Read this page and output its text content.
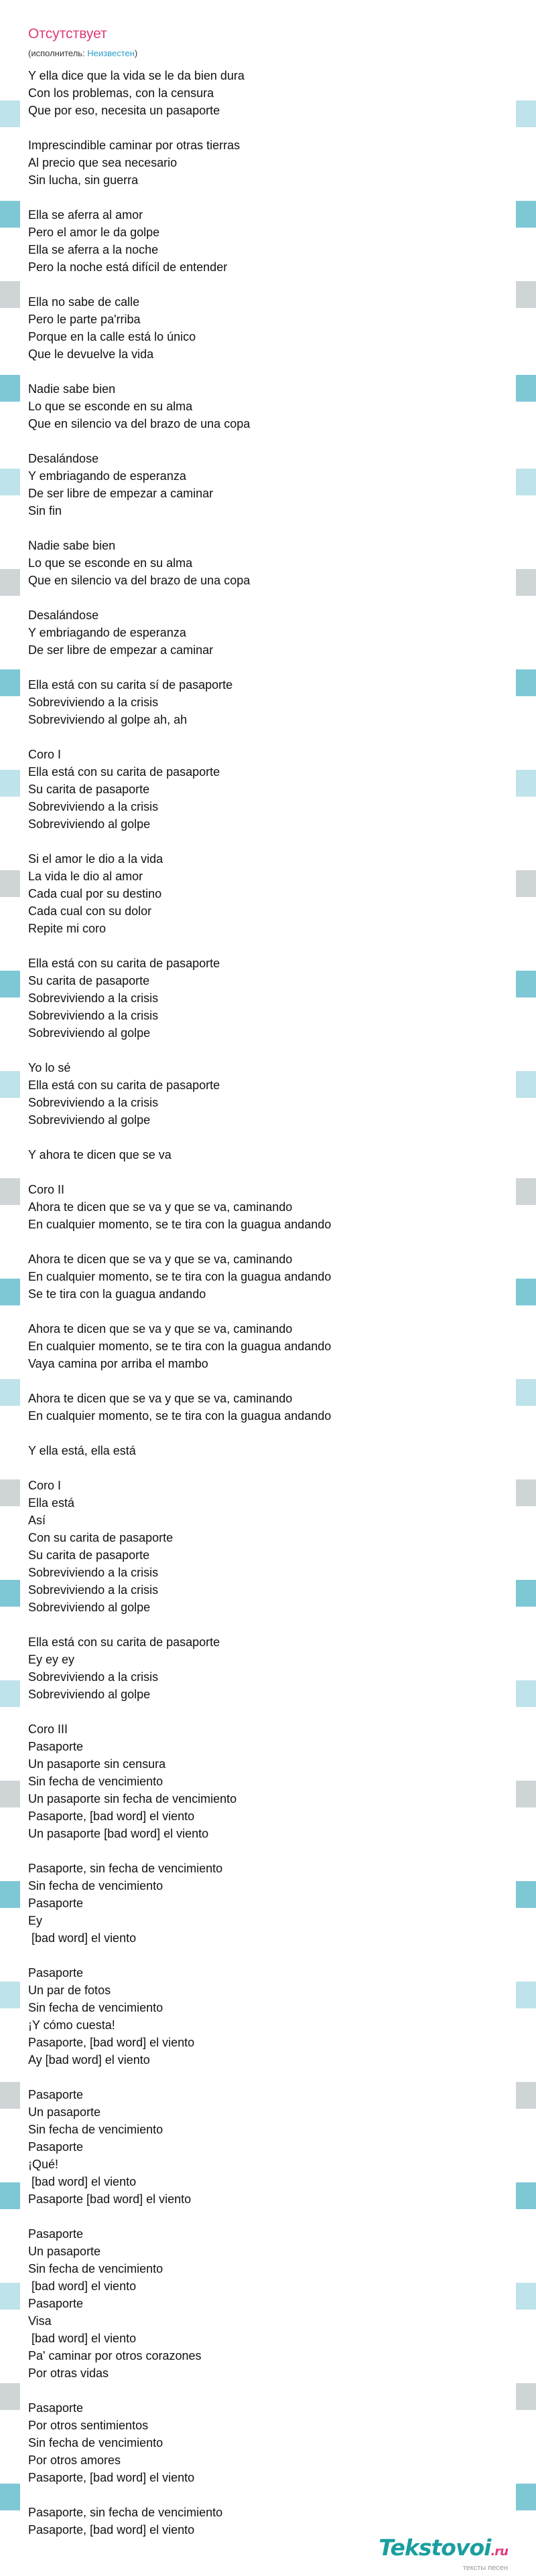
Отсутствует
(исполнитель: Неизвестен)
Y ella dice que la vida se le da bien dura
Con los problemas, con la censura
Que por eso, necesita un pasaporte
Imprescindible caminar por otras tierras
Al precio que sea necesario
Sin lucha, sin guerra
Ella se aferra al amor
Pero el amor le da golpe
Ella se aferra a la noche
Pero la noche está difícil de entender
Ella no sabe de calle
Pero le parte pa'rriba
Porque en la calle está lo único
Que le devuelve la vida
Nadie sabe bien
Lo que se esconde en su alma
Que en silencio va del brazo de una copa
Desalándose
Y embriagando de esperanza
De ser libre de empezar a caminar
Sin fin
Nadie sabe bien
Lo que se esconde en su alma
Que en silencio va del brazo de una copa
Desalándose
Y embriagando de esperanza
De ser libre de empezar a caminar
Ella está con su carita sí de pasaporte
Sobreviviendo a la crisis
Sobreviviendo al golpe ah, ah
Coro I
Ella está con su carita de pasaporte
Su carita de pasaporte
Sobreviviendo a la crisis
Sobreviviendo al golpe
Si el amor le dio a la vida
La vida le dio al amor
Cada cual por su destino
Cada cual con su dolor
Repite mi coro
Ella está con su carita de pasaporte
Su carita de pasaporte
Sobreviviendo a la crisis
Sobreviviendo a la crisis
Sobreviviendo al golpe
Yo lo sé
Ella está con su carita de pasaporte
Sobreviviendo a la crisis
Sobreviviendo al golpe
Y ahora te dicen que se va
Coro II
Ahora te dicen que se va y que se va, caminando
En cualquier momento, se te tira con la guagua andando
Ahora te dicen que se va y que se va, caminando
En cualquier momento, se te tira con la guagua andando
Se te tira con la guagua andando
Ahora te dicen que se va y que se va, caminando
En cualquier momento, se te tira con la guagua andando
Vaya camina por arriba el mambo
Ahora te dicen que se va y que se va, caminando
En cualquier momento, se te tira con la guagua andando
Y ella está, ella está
Coro I
Ella está
Así
Con su carita de pasaporte
Su carita de pasaporte
Sobreviviendo a la crisis
Sobreviviendo a la crisis
Sobreviviendo al golpe
Ella está con su carita de pasaporte
Ey ey ey
Sobreviviendo a la crisis
Sobreviviendo al golpe
Coro III
Pasaporte
Un pasaporte sin censura
Sin fecha de vencimiento
Un pasaporte sin fecha de vencimiento
Pasaporte, [bad word] el viento
Un pasaporte [bad word] el viento
Pasaporte, sin fecha de vencimiento
Sin fecha de vencimiento
Pasaporte
Ey
[bad word] el viento
Pasaporte
Un par de fotos
Sin fecha de vencimiento
¡Y cómo cuesta!
Pasaporte, [bad word] el viento
Ay [bad word] el viento
Pasaporte
Un pasaporte
Sin fecha de vencimiento
Pasaporte
¡Qué!
[bad word] el viento
Pasaporte [bad word] el viento
Pasaporte
Un pasaporte
Sin fecha de vencimiento
[bad word] el viento
Pasaporte
Visa
[bad word] el viento
Pa' caminar por otros corazones
Por otras vidas
Pasaporte
Por otros sentimientos
Sin fecha de vencimiento
Por otros amores
Pasaporte, [bad word] el viento
Pasaporte, sin fecha de vencimiento
Pasaporte, [bad word] el viento
Tekstovoi.ru
тексты песен
